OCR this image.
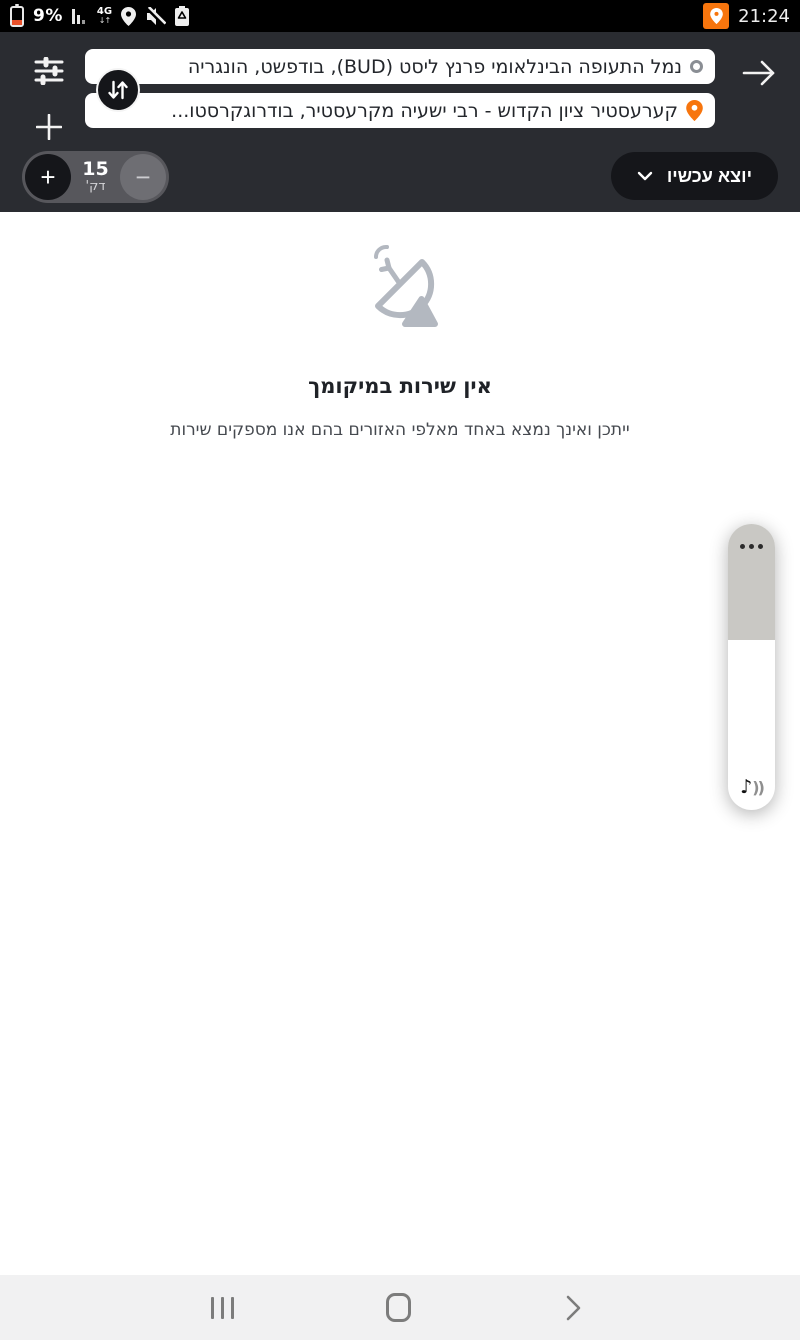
9%	4G
↓↑	21:24
נמל התעופה הבינלאומי פרנץ ליסט (BUD), בודפשט, הונגריה
קערעסטיר ציון הקדוש - רבי ישעיה מקרעסטיר, בודרוגקרסטו...
+	15
דק'	−	יוצא עכשיו
אין שירות במיקומך

ייתכן ואינך נמצא באחד מאלפי האזורים בהם אנו מספקים שירות

♪))
